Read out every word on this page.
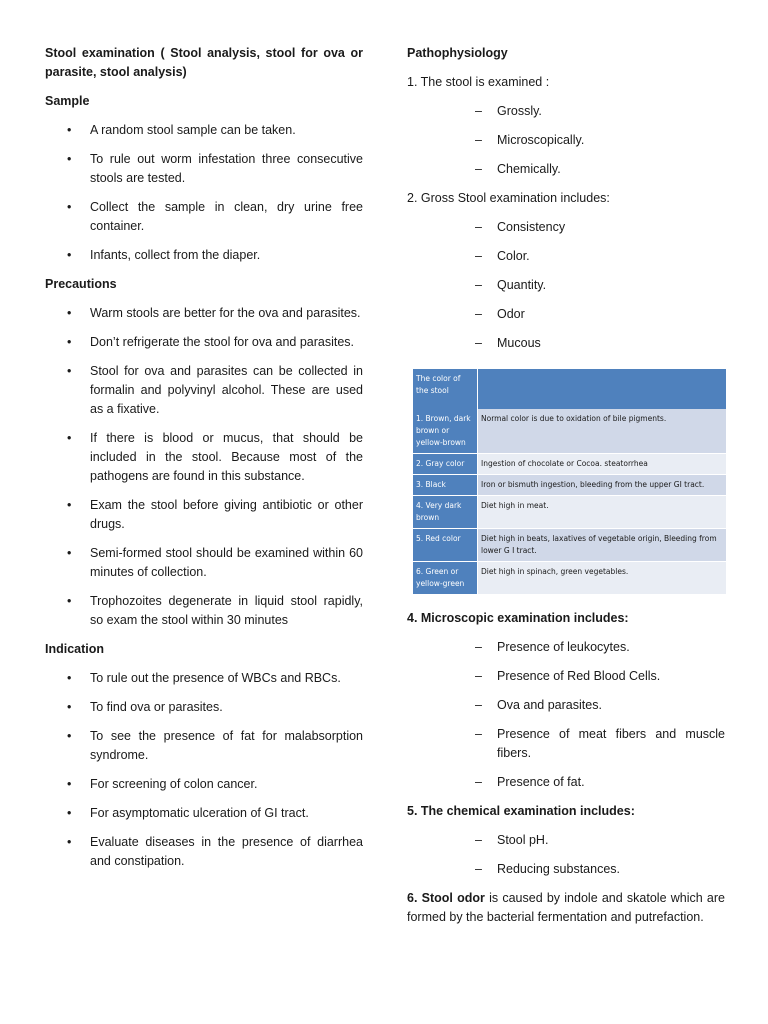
Stool examination ( Stool analysis, stool for ova or parasite, stool analysis)

Sample

• A random stool sample can be taken.
• To rule out worm infestation three consecutive stools are tested.
• Collect the sample in clean, dry urine free container.
• Infants, collect from the diaper.

Precautions

• Warm stools are better for the ova and parasites.
• Don’t refrigerate the stool for ova and parasites.
• Stool for ova and parasites can be collected in formalin and polyvinyl alcohol. These are used as a fixative.
• If there is blood or mucus, that should be included in the stool. Because most of the pathogens are found in this substance.
• Exam the stool before giving antibiotic or other drugs.
• Semi-formed stool should be examined within 60 minutes of collection.
• Trophozoites degenerate in liquid stool rapidly, so exam the stool within 30 minutes

Indication

• To rule out the presence of WBCs and RBCs.
• To find ova or parasites.
• To see the presence of fat for malabsorption syndrome.
• For screening of colon cancer.
• For asymptomatic ulceration of GI tract.
• Evaluate diseases in the presence of diarrhea and constipation.

Pathophysiology

1. The stool is examined :

– Grossly.
– Microscopically.
– Chemically.

2. Gross Stool examination includes:

– Consistency
– Color.
– Quantity.
– Odor
– Mucous
The color of the stool	
1. Brown, dark brown or yellow-brown	Normal color is due to oxidation of bile pigments.
2. Gray color	Ingestion of chocolate or Cocoa. steatorrhea
3. Black	Iron or bismuth ingestion, bleeding from the upper GI tract.
4. Very dark brown	Diet high in meat.
5. Red color	Diet high in beats, laxatives of vegetable origin, Bleeding from lower G I tract.
6. Green or yellow-green	Diet high in spinach, green vegetables.

4. Microscopic examination includes:

– Presence of leukocytes.
– Presence of Red Blood Cells.
– Ova and parasites.
– Presence of meat fibers and muscle fibers.
– Presence of fat.

5. The chemical examination includes:

– Stool pH.
– Reducing substances.

6. Stool odor is caused by indole and skatole which are formed by the bacterial fermentation and putrefaction.
